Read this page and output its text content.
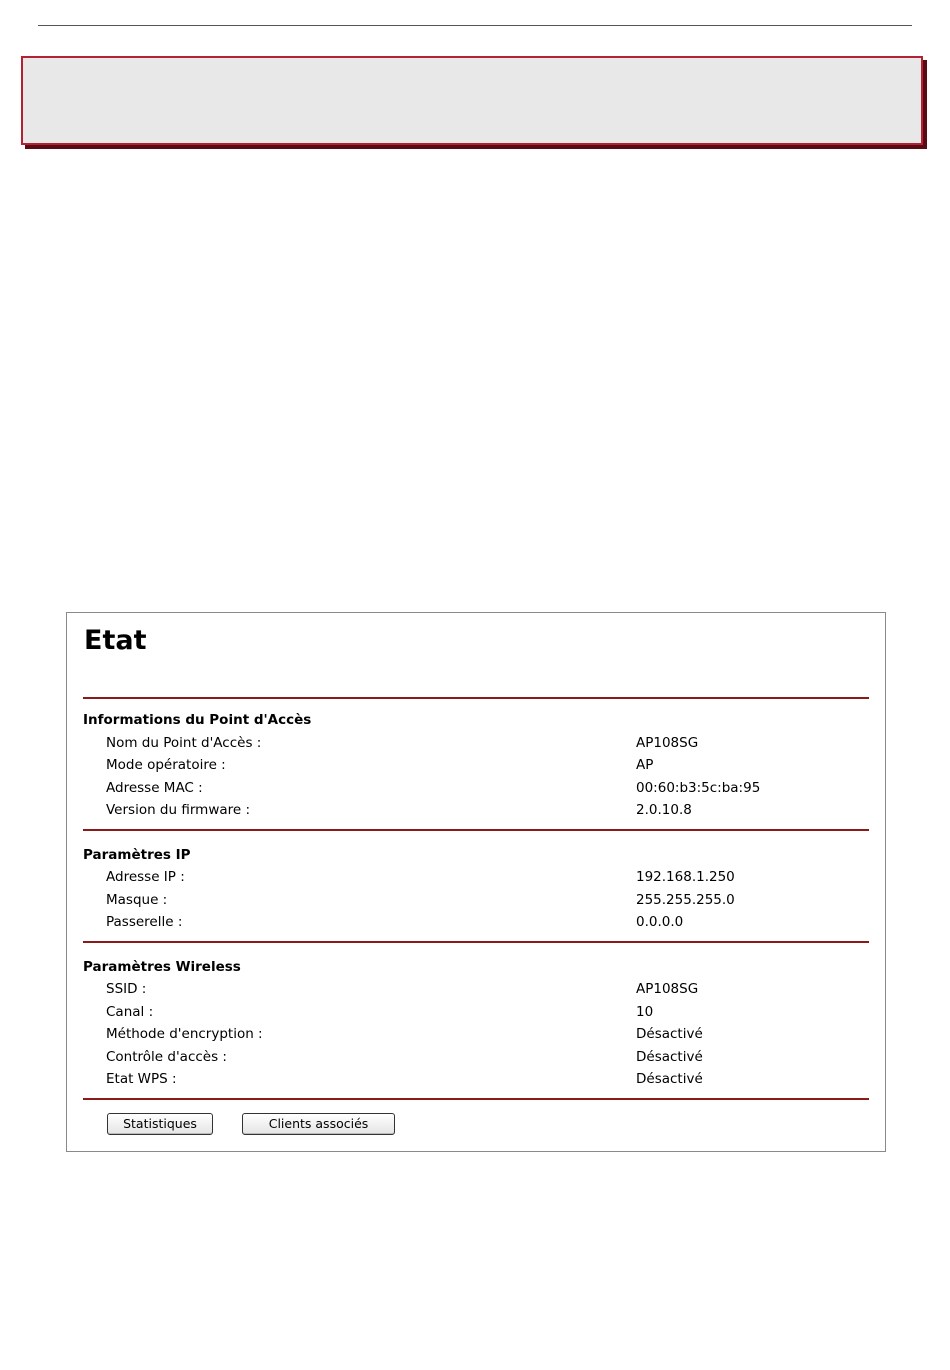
Etat
Informations du Point d'Accès
Nom du Point d'Accès :	AP108SG
Mode opératoire :	AP
Adresse MAC :	00:60:b3:5c:ba:95
Version du firmware :	2.0.10.8
Paramètres IP
Adresse IP :	192.168.1.250
Masque :	255.255.255.0
Passerelle :	0.0.0.0
Paramètres Wireless
SSID :	AP108SG
Canal :	10
Méthode d'encryption :	Désactivé
Contrôle d'accès :	Désactivé
Etat WPS :	Désactivé
Statistiques	Clients associés
